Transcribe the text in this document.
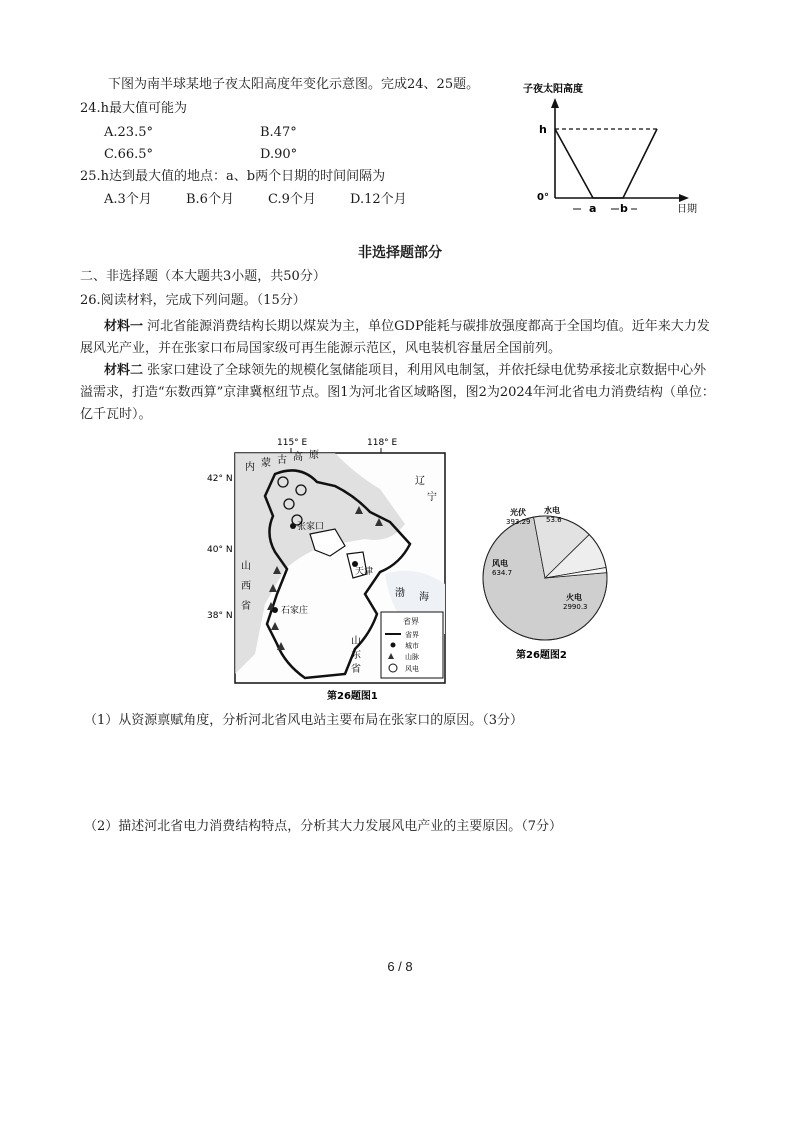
下图为南半球某地子夜太阳高度年变化示意图。完成24、25题。
24.h最大值可能为
A.23.5°	B.47°
C.66.5°	D.90°
25.h达到最大值的地点：a、b两个日期的时间间隔为
A.3个月	B.6个月	C.9个月	D.12个月
子夜太阳高度
h
0°
a b	日期
非选择题部分
二、非选择题（本大题共3小题，共50分）
26.阅读材料，完成下列问题。（15分）
材料一 河北省能源消费结构长期以煤炭为主，单位GDP能耗与碳排放强度都高于全国均值。近年来大力发展风光产业，并在张家口布局国家级可再生能源示范区，风电装机容量居全国前列。
材料二 张家口建设了全球领先的规模化氢储能项目，利用风电制氢，并依托绿电优势承接北京数据中心外溢需求，打造“东数西算”京津冀枢纽节点。图1为河北省区域略图，图2为2024年河北省电力消费结构（单位：亿千瓦时）。
115° E	118° E
42° N
40° N
38° N
内 蒙 古 高 原
山
西
省
辽
宁
渤 海
山
东
省
张家口
天津
石家庄
省界
省界
城市
山脉
风电
第26题图1
火电
2990.3
风电
634.7
光伏
393.29
水电
53.6
第26题图2
（1）从资源禀赋角度，分析河北省风电站主要布局在张家口的原因。（3分）
（2）描述河北省电力消费结构特点，分析其大力发展风电产业的主要原因。（7分）
6 / 8
